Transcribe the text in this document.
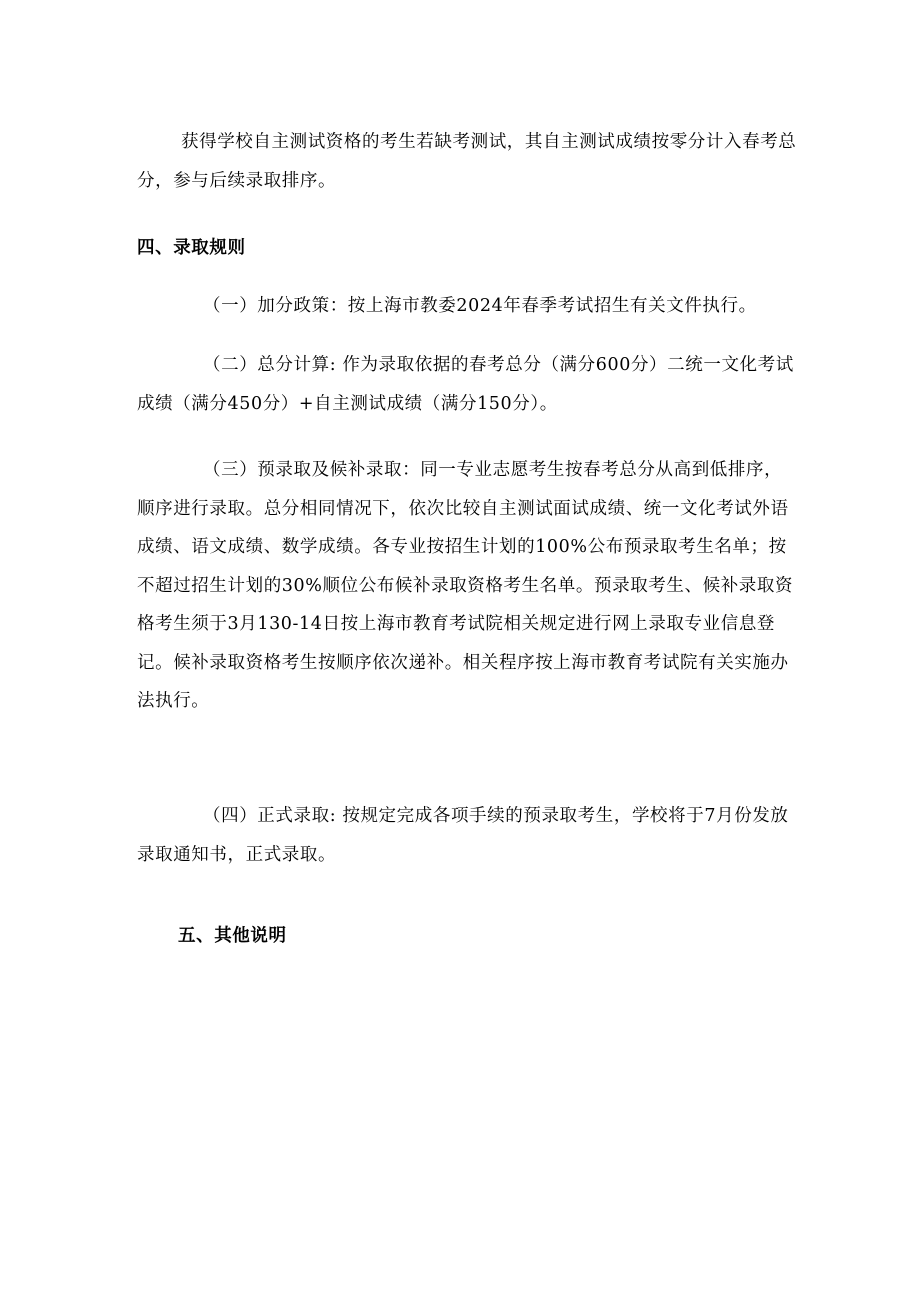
获得学校自主测试资格的考生若缺考测试，其自主测试成绩按零分计入春考总分，参与后续录取排序。

四、录取规则

（一）加分政策：按上海市教委2024年春季考试招生有关文件执行。

（二）总分计算: 作为录取依据的春考总分（满分600分）二统一文化考试成绩（满分450分）+自主测试成绩（满分150分）。

（三）预录取及候补录取：同一专业志愿考生按春考总分从高到低排序，顺序进行录取。总分相同情况下，依次比较自主测试面试成绩、统一文化考试外语成绩、语文成绩、数学成绩。各专业按招生计划的100%公布预录取考生名单；按不超过招生计划的30%顺位公布候补录取资格考生名单。预录取考生、候补录取资格考生须于3月130-14日按上海市教育考试院相关规定进行网上录取专业信息登记。候补录取资格考生按顺序依次递补。相关程序按上海市教育考试院有关实施办法执行。

（四）正式录取: 按规定完成各项手续的预录取考生，学校将于7月份发放录取通知书，正式录取。

五、其他说明
